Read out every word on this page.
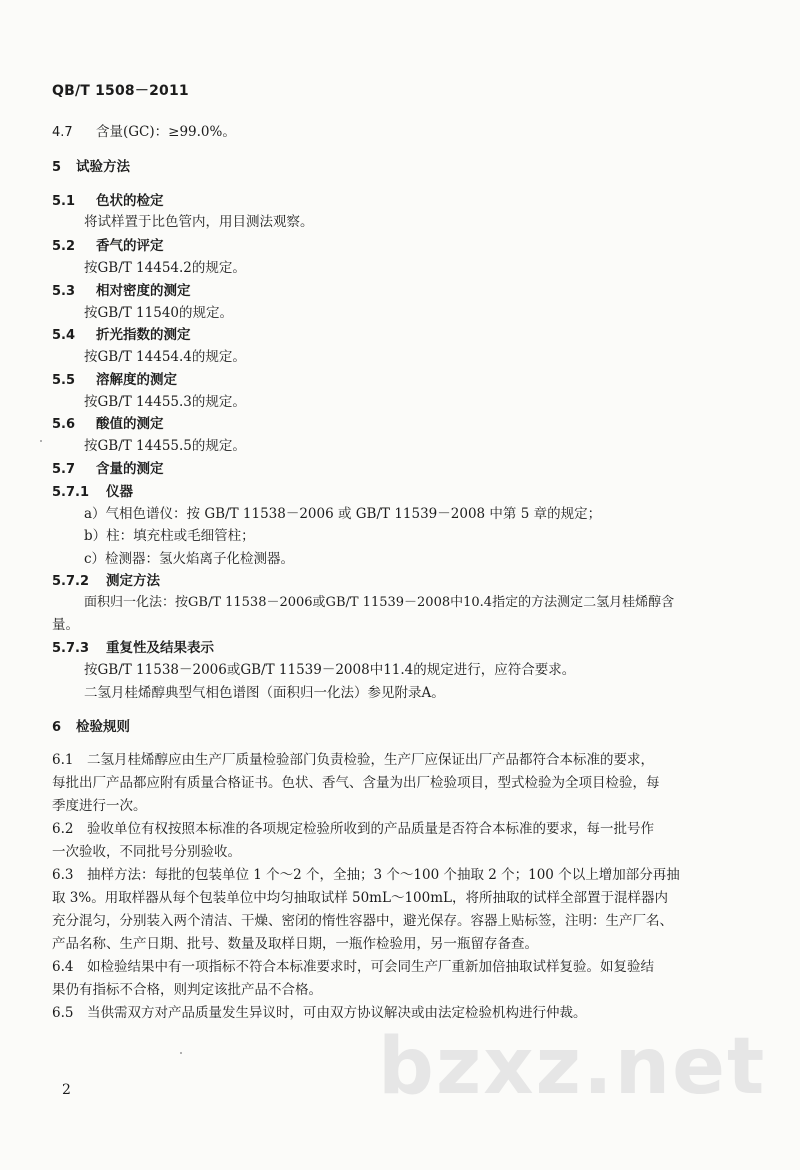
QB/T 1508－2011
4.7 含量(GC)：≥99.0%。
5 试验方法
5.1 色状的检定
将试样置于比色管内，用目测法观察。
5.2 香气的评定
按GB/T 14454.2的规定。
5.3 相对密度的测定
按GB/T 11540的规定。
5.4 折光指数的测定
按GB/T 14454.4的规定。
5.5 溶解度的测定
按GB/T 14455.3的规定。
5.6 酸值的测定
按GB/T 14455.5的规定。
5.7 含量的测定
5.7.1 仪器
a）气相色谱仪：按 GB/T 11538－2006 或 GB/T 11539－2008 中第 5 章的规定；
b）柱：填充柱或毛细管柱；
c）检测器：氢火焰离子化检测器。
5.7.2 测定方法
面积归一化法：按GB/T 11538－2006或GB/T 11539－2008中10.4指定的方法测定二氢月桂烯醇含
量。
5.7.3 重复性及结果表示
按GB/T 11538－2006或GB/T 11539－2008中11.4的规定进行，应符合要求。
二氢月桂烯醇典型气相色谱图（面积归一化法）参见附录A。
6 检验规则
6.1　二氢月桂烯醇应由生产厂质量检验部门负责检验，生产厂应保证出厂产品都符合本标准的要求，
每批出厂产品都应附有质量合格证书。色状、香气、含量为出厂检验项目，型式检验为全项目检验，每
季度进行一次。
6.2　验收单位有权按照本标准的各项规定检验所收到的产品质量是否符合本标准的要求，每一批号作
一次验收，不同批号分别验收。
6.3　抽样方法：每批的包装单位 1 个～2 个，全抽；3 个～100 个抽取 2 个；100 个以上增加部分再抽
取 3%。用取样器从每个包装单位中均匀抽取试样 50mL～100mL，将所抽取的试样全部置于混样器内
充分混匀，分别装入两个清洁、干燥、密闭的惰性容器中，避光保存。容器上贴标签，注明：生产厂名、
产品名称、生产日期、批号、数量及取样日期，一瓶作检验用，另一瓶留存备查。
6.4　如检验结果中有一项指标不符合本标准要求时，可会同生产厂重新加倍抽取试样复验。如复验结
果仍有指标不合格，则判定该批产品不合格。
6.5　当供需双方对产品质量发生异议时，可由双方协议解决或由法定检验机构进行仲裁。
bzxz.net
2
